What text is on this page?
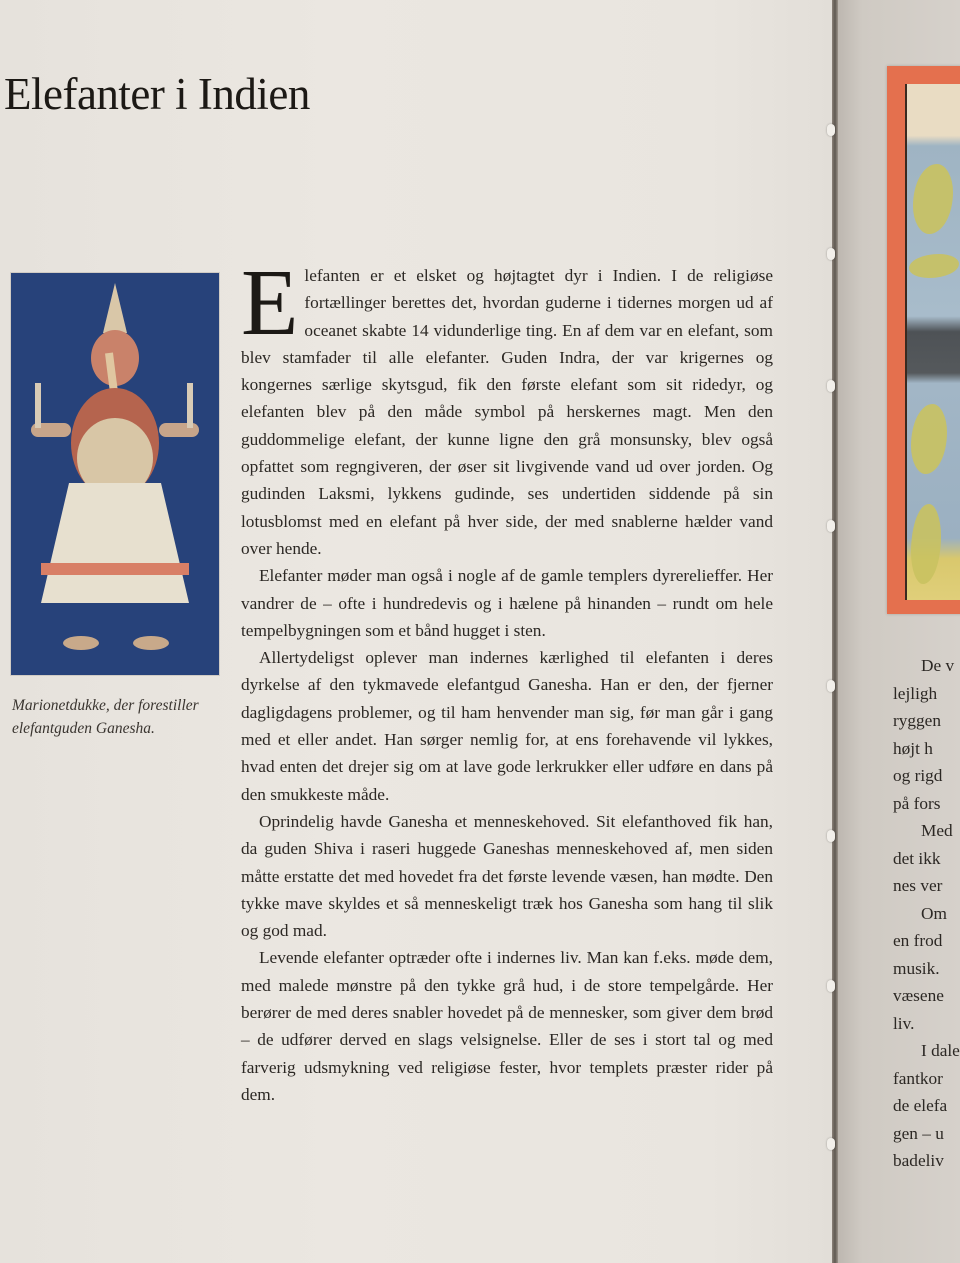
Elefanter i Indien
Marionetdukke, der forestiller elefantguden Ganesha.

Elefanten er et elsket og højtagtet dyr i Indien. I de religiøse fortællinger berettes det, hvordan guderne i tidernes morgen ud af oceanet skabte 14 vidunderlige ting. En af dem var en elefant, som blev stamfader til alle elefanter. Guden Indra, der var krigernes og kongernes særlige skytsgud, fik den første elefant som sit ridedyr, og elefanten blev på den måde symbol på herskernes magt. Men den guddommelige elefant, der kunne ligne den grå monsunsky, blev også opfattet som regngiveren, der øser sit livgivende vand ud over jorden. Og gudinden Laksmi, lykkens gudinde, ses undertiden siddende på sin lotusblomst med en elefant på hver side, der med snablerne hælder vand over hende.

Elefanter møder man også i nogle af de gamle templers dyrerelieffer. Her vandrer de – ofte i hundredevis og i hælene på hinanden – rundt om hele tempelbygningen som et bånd hugget i sten.

Allertydeligst oplever man indernes kærlighed til elefanten i deres dyrkelse af den tykmavede elefantgud Ganesha. Han er den, der fjerner dagligdagens problemer, og til ham henvender man sig, før man går i gang med et eller andet. Han sørger nemlig for, at ens forehavende vil lykkes, hvad enten det drejer sig om at lave gode lerkrukker eller udføre en dans på den smukkeste måde.

Oprindelig havde Ganesha et menneskehoved. Sit elefanthoved fik han, da guden Shiva i raseri huggede Ganeshas menneskehoved af, men siden måtte erstatte det med hovedet fra det første levende væsen, han mødte. Den tykke mave skyldes et så menneskeligt træk hos Ganesha som hang til slik og god mad.

Levende elefanter optræder ofte i indernes liv. Man kan f.eks. møde dem, med malede mønstre på den tykke grå hud, i de store tempelgårde. Her berører de med deres snabler hovedet på de mennesker, som giver dem brød – de udfører derved en slags velsignelse. Eller de ses i stort tal og med farverig udsmykning ved religiøse fester, hvor templets præster rider på dem.

De v
lejligh
ryggen
højt h
og rigd
på fors
Med
det ikk
nes ver
Om
en frod
musik.
væsene
liv.
I dale
fantkor
de elefa
gen – u
badeliv
